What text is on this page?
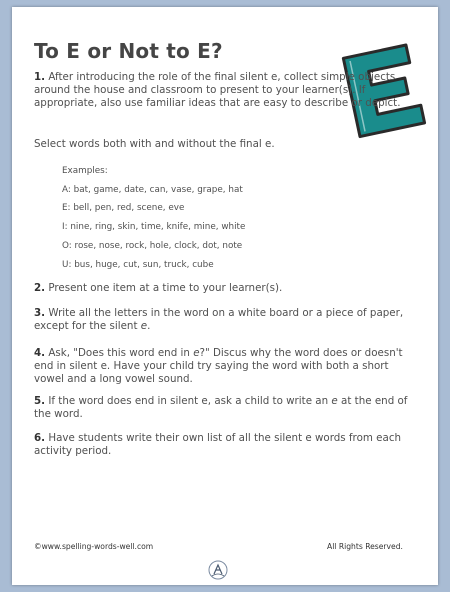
To E or Not to E?
1. After introducing the role of the final silent e, collect simple objects around the house and classroom to present to your learner(s). If appropriate, also use familiar ideas that are easy to describe or depict.
Select words both with and without the final e.
Examples:
A: bat, game, date, can, vase, grape, hat
E: bell, pen, red, scene, eve
I: nine, ring, skin, time, knife, mine, white
O: rose, nose, rock, hole, clock, dot, note
U: bus, huge, cut, sun, truck, cube
2. Present one item at a time to your learner(s).
3. Write all the letters in the word on a white board or a piece of paper, except for the silent e.
4. Ask, "Does this word end in e?" Discus why the word does or doesn't end in silent e. Have your child try saying the word with both a short vowel and a long vowel sound.
5. If the word does end in silent e, ask a child to write an e at the end of the word.
6. Have students write their own list of all the silent e words from each activity period.
©www.spelling-words-well.com	All Rights Reserved.
